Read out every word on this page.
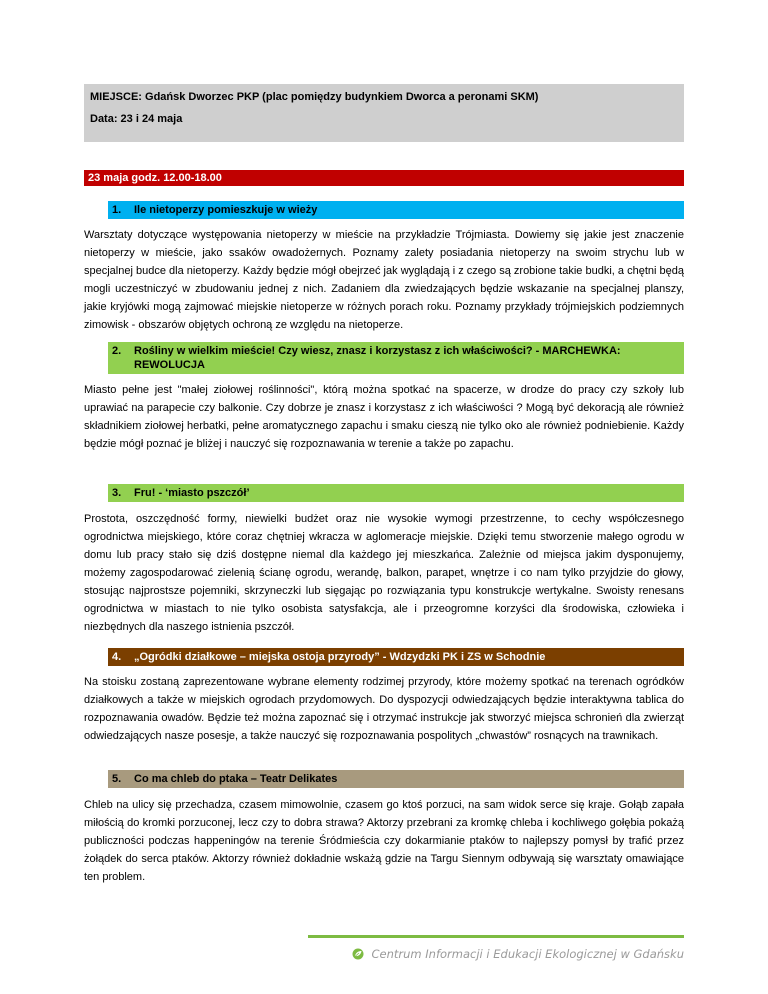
MIEJSCE: Gdańsk Dworzec PKP (plac pomiędzy budynkiem Dworca a peronami SKM)
Data: 23 i 24 maja
23 maja godz. 12.00-18.00
1.	Ile nietoperzy pomieszkuje w wieży

Warsztaty dotyczące występowania nietoperzy w mieście na przykładzie Trójmiasta. Dowiemy się jakie jest znaczenie nietoperzy w mieście, jako ssaków owadożernych. Poznamy zalety posiadania nietoperzy na swoim strychu lub w specjalnej budce dla nietoperzy. Każdy będzie mógł obejrzeć jak wyglądają i z czego są zrobione takie budki, a chętni będą mogli uczestniczyć w zbudowaniu jednej z nich. Zadaniem dla zwiedzających będzie wskazanie na specjalnej planszy, jakie kryjówki mogą zajmować miejskie nietoperze w różnych porach roku. Poznamy przykłady trójmiejskich podziemnych zimowisk - obszarów objętych ochroną ze względu na nietoperze.

2.	Rośliny w wielkim mieście! Czy wiesz, znasz i korzystasz z ich właściwości? - MARCHEWKA: REWOLUCJA

Miasto pełne jest "małej ziołowej roślinności", którą można spotkać na spacerze, w drodze do pracy czy szkoły lub uprawiać na parapecie czy balkonie. Czy dobrze je znasz i korzystasz z ich właściwości ? Mogą być dekoracją ale również składnikiem ziołowej herbatki, pełne aromatycznego zapachu i smaku cieszą nie tylko oko ale również podniebienie. Każdy będzie mógł poznać je bliżej i nauczyć się rozpoznawania w terenie a także po zapachu.

3.	Fru! - ‘miasto pszczół’

Prostota, oszczędność formy, niewielki budżet oraz nie wysokie wymogi przestrzenne, to cechy współczesnego ogrodnictwa miejskiego, które coraz chętniej wkracza w aglomeracje miejskie. Dzięki temu stworzenie małego ogrodu w domu lub pracy stało się dziś dostępne niemal dla każdego jej mieszkańca. Zależnie od miejsca jakim dysponujemy, możemy zagospodarować zielenią ścianę ogrodu, werandę, balkon, parapet, wnętrze i co nam tylko przyjdzie do głowy, stosując najprostsze pojemniki, skrzyneczki lub sięgając po rozwiązania typu konstrukcje wertykalne. Swoisty renesans ogrodnictwa w miastach to nie tylko osobista satysfakcja, ale i przeogromne korzyści dla środowiska, człowieka i niezbędnych dla naszego istnienia pszczół.

4.	„Ogródki działkowe – miejska ostoja przyrody” - Wdzydzki PK i ZS w Schodnie

Na stoisku zostaną zaprezentowane wybrane elementy rodzimej przyrody, które możemy spotkać na terenach ogródków działkowych a także w miejskich ogrodach przydomowych. Do dyspozycji odwiedzających będzie interaktywna tablica do rozpoznawania owadów. Będzie też można zapoznać się i otrzymać instrukcje jak stworzyć miejsca schronień dla zwierząt odwiedzających nasze posesje, a także nauczyć się rozpoznawania pospolitych „chwastów” rosnących na trawnikach.

5.	Co ma chleb do ptaka – Teatr Delikates

Chleb na ulicy się przechadza, czasem mimowolnie, czasem go ktoś porzuci, na sam widok serce się kraje. Gołąb zapała miłością do kromki porzuconej, lecz czy to dobra strawa? Aktorzy przebrani za kromkę chleba i kochliwego gołębia pokażą publiczności podczas happeningów na terenie Śródmieścia czy dokarmianie ptaków to najlepszy pomysł by trafić przez żołądek do serca ptaków. Aktorzy również dokładnie wskażą gdzie na Targu Siennym odbywają się warsztaty omawiające ten problem.

Centrum Informacji i Edukacji Ekologicznej w Gdańsku
